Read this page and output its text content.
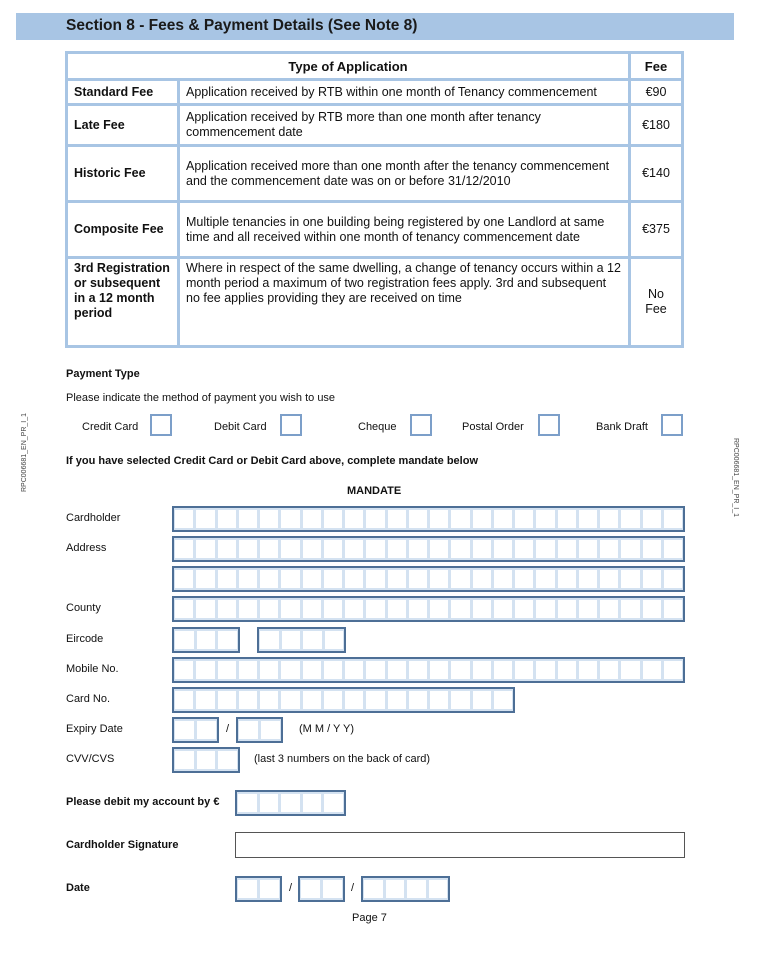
Section 8 - Fees & Payment Details (See Note 8)
Type of Application		Fee
Standard Fee	Application received by RTB within one month of Tenancy commencement	€90
Late Fee	Application received by RTB more than one month after tenancy commencement date	€180
Historic Fee	Application received more than one month after the tenancy commencement and the commencement date was on or before 31/12/2010	€140
Composite Fee	Multiple tenancies in one building being registered by one Landlord at same time and all received within one month of tenancy commencement date	€375
3rd Registration or subsequent in a 12 month period	Where in respect of the same dwelling, a change of tenancy occurs within a 12 month period a maximum of two registration fees apply. 3rd and subsequent no fee applies providing they are received on time	No Fee
Payment Type
Please indicate the method of payment you wish to use
Credit Card	Debit Card	Cheque	Postal Order	Bank Draft
If you have selected Credit Card or Debit Card above, complete mandate below
MANDATE
Cardholder
Address
County
Eircode
Mobile No.
Card No.
Expiry Date	/	(M M / Y Y)
CVV/CVS	(last 3 numbers on the back of card)
Please debit my account by €
Cardholder Signature
Date	/	/
Page 7
RPC006681_EN_PR_I_1	RPC006681_EN_PR_I_1
